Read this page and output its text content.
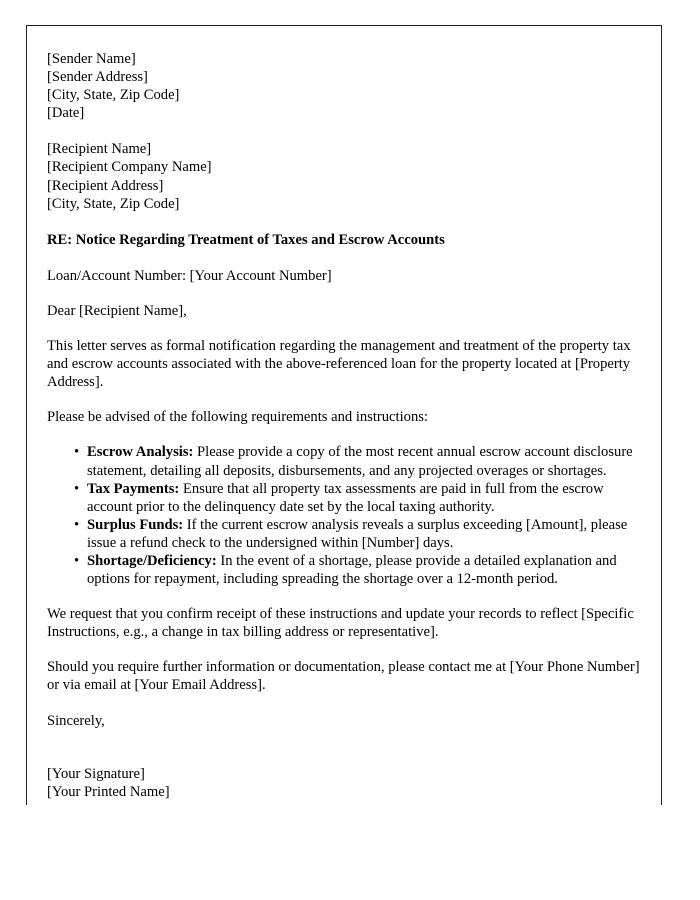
[Sender Name]
[Sender Address]
[City, State, Zip Code]
[Date]
[Recipient Name]
[Recipient Company Name]
[Recipient Address]
[City, State, Zip Code]
RE: Notice Regarding Treatment of Taxes and Escrow Accounts

Loan/Account Number: [Your Account Number]

Dear [Recipient Name],

This letter serves as formal notification regarding the management and treatment of the property tax and escrow accounts associated with the above-referenced loan for the property located at [Property Address].

Please be advised of the following requirements and instructions:

• Escrow Analysis: Please provide a copy of the most recent annual escrow account disclosure statement, detailing all deposits, disbursements, and any projected overages or shortages.
• Tax Payments: Ensure that all property tax assessments are paid in full from the escrow account prior to the delinquency date set by the local taxing authority.
• Surplus Funds: If the current escrow analysis reveals a surplus exceeding [Amount], please issue a refund check to the undersigned within [Number] days.
• Shortage/Deficiency: In the event of a shortage, please provide a detailed explanation and options for repayment, including spreading the shortage over a 12-month period.

We request that you confirm receipt of these instructions and update your records to reflect [Specific Instructions, e.g., a change in tax billing address or representative].

Should you require further information or documentation, please contact me at [Your Phone Number] or via email at [Your Email Address].

Sincerely,

[Your Signature]
[Your Printed Name]
